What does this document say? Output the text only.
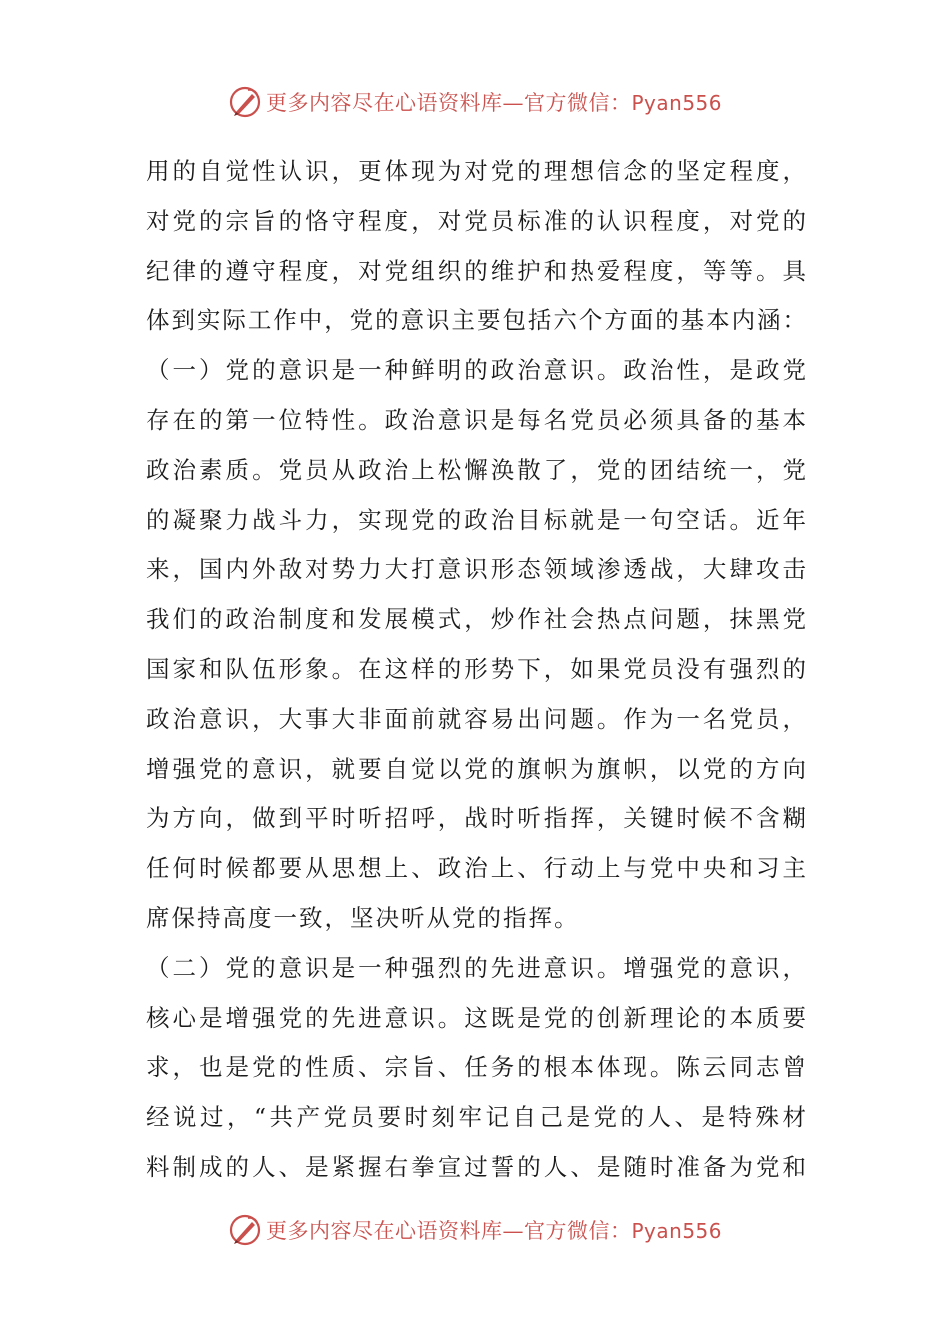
更多内容尽在心语资料库—官方微信：Pyan556
用的自觉性认识，更体现为对党的理想信念的坚定程度，
对党的宗旨的恪守程度，对党员标准的认识程度，对党的
纪律的遵守程度，对党组织的维护和热爱程度，等等。具
体到实际工作中，党的意识主要包括六个方面的基本内涵：
（一）党的意识是一种鲜明的政治意识。政治性，是政党
存在的第一位特性。政治意识是每名党员必须具备的基本
政治素质。党员从政治上松懈涣散了，党的团结统一，党
的凝聚力战斗力，实现党的政治目标就是一句空话。近年
来，国内外敌对势力大打意识形态领域渗透战，大肆攻击
我们的政治制度和发展模式，炒作社会热点问题，抹黑党
国家和队伍形象。在这样的形势下，如果党员没有强烈的
政治意识，大事大非面前就容易出问题。作为一名党员，
增强党的意识，就要自觉以党的旗帜为旗帜，以党的方向
为方向，做到平时听招呼，战时听指挥，关键时候不含糊
任何时候都要从思想上、政治上、行动上与党中央和习主
席保持高度一致，坚决听从党的指挥。
（二）党的意识是一种强烈的先进意识。增强党的意识，
核心是增强党的先进意识。这既是党的创新理论的本质要
求，也是党的性质、宗旨、任务的根本体现。陈云同志曾
经说过，“共产党员要时刻牢记自己是党的人、是特殊材
料制成的人、是紧握右拳宣过誓的人、是随时准备为党和
更多内容尽在心语资料库—官方微信：Pyan556
